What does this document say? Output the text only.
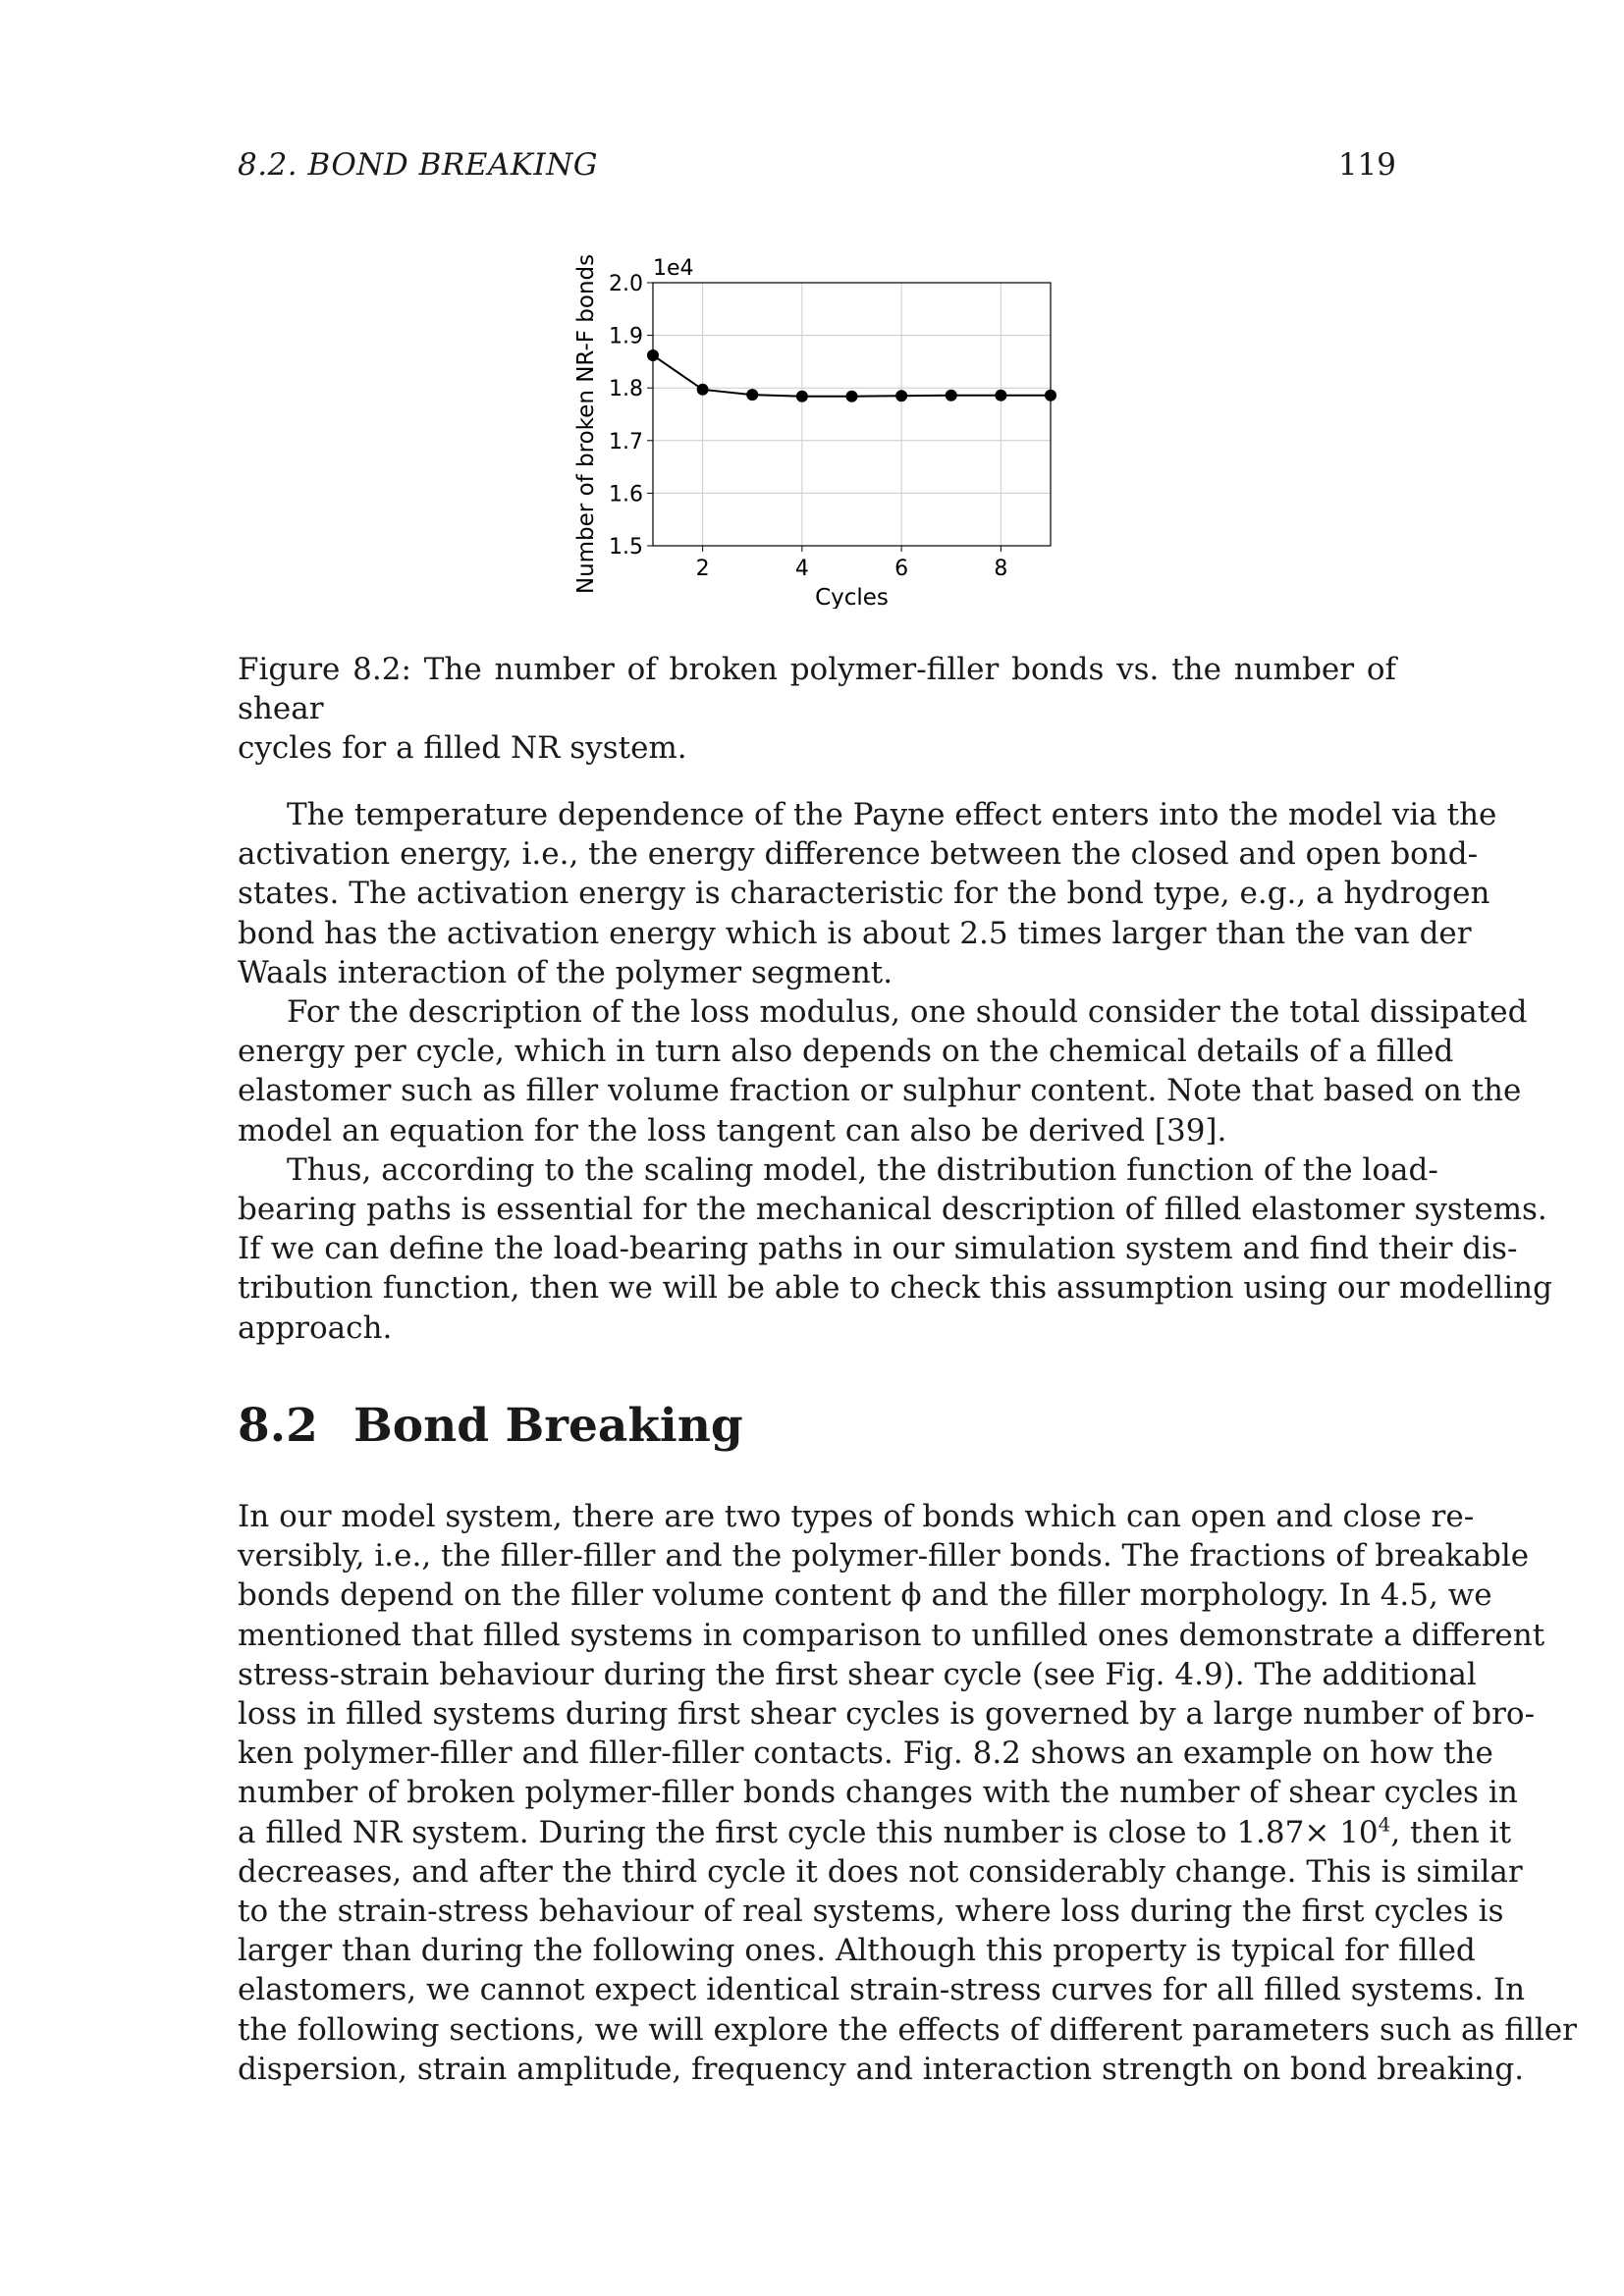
8.2. BOND BREAKING	119
2	4	6	8
1.5
1.6
1.7
1.8
1.9
2.0
1e4
Cycles
Number of broken NR-F bonds
Figure 8.2: The number of broken polymer-filler bonds vs. the number of shear
cycles for a filled NR system.
The temperature dependence of the Payne effect enters into the model via the
activation energy, i.e., the energy difference between the closed and open bond-
states. The activation energy is characteristic for the bond type, e.g., a hydrogen
bond has the activation energy which is about 2.5 times larger than the van der
Waals interaction of the polymer segment.
For the description of the loss modulus, one should consider the total dissipated
energy per cycle, which in turn also depends on the chemical details of a filled
elastomer such as filler volume fraction or sulphur content. Note that based on the
model an equation for the loss tangent can also be derived [39].
Thus, according to the scaling model, the distribution function of the load-
bearing paths is essential for the mechanical description of filled elastomer systems.
If we can define the load-bearing paths in our simulation system and find their dis-
tribution function, then we will be able to check this assumption using our modelling
approach.
8.2 Bond Breaking
In our model system, there are two types of bonds which can open and close re-
versibly, i.e., the filler-filler and the polymer-filler bonds. The fractions of breakable
bonds depend on the filler volume content ϕ and the filler morphology. In 4.5, we
mentioned that filled systems in comparison to unfilled ones demonstrate a different
stress-strain behaviour during the first shear cycle (see Fig. 4.9). The additional
loss in filled systems during first shear cycles is governed by a large number of bro-
ken polymer-filler and filler-filler contacts. Fig. 8.2 shows an example on how the
number of broken polymer-filler bonds changes with the number of shear cycles in
a filled NR system. During the first cycle this number is close to $1.87\times 10^4$, then it
decreases, and after the third cycle it does not considerably change. This is similar
to the strain-stress behaviour of real systems, where loss during the first cycles is
larger than during the following ones. Although this property is typical for filled
elastomers, we cannot expect identical strain-stress curves for all filled systems. In
the following sections, we will explore the effects of different parameters such as filler
dispersion, strain amplitude, frequency and interaction strength on bond breaking.
